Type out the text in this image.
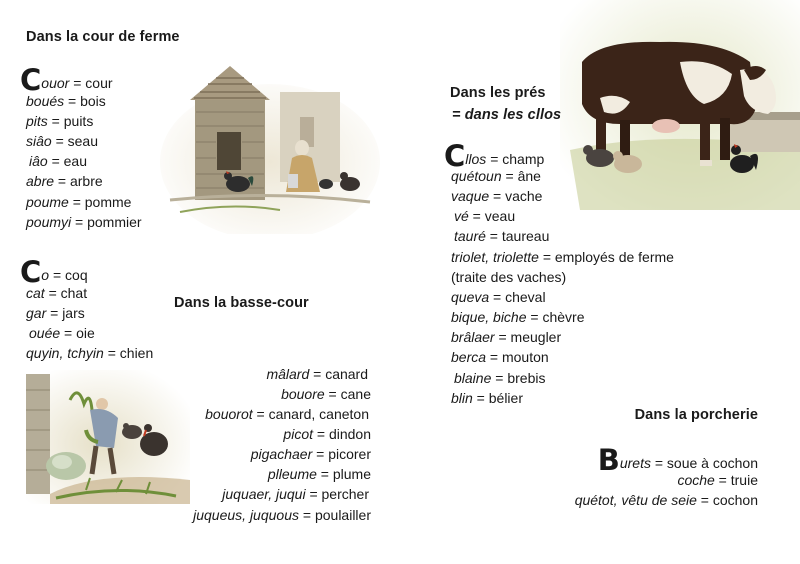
Dans la cour de ferme
Couor = cour
boués = bois
pits = puits
siâo = seau
iâo = eau
abre = arbre
poume = pomme
poumyi = pommier
Co = coq
cat = chat
gar = jars
ouée = oie
quyin, tchyin = chien
Dans la basse-cour
mâlard = canard
bouore = cane
bouorot = canard, caneton
picot = dindon
pigachaer = picorer
plleume = plume
juquaer, juqui = percher
juqueus, juquous = poulailler
Dans les prés
= dans les cllos
Cllos = champ
quétoun = âne
vaque = vache
vé = veau
tauré = taureau
triolet, triolette = employés de ferme
(traite des vaches)
queva = cheval
bique, biche = chèvre
brâlaer = meugler
berca = mouton
blaine = brebis
blin = bélier
Dans la porcherie
Burets = soue à cochon
coche = truie
quétot, vêtu de seie = cochon
